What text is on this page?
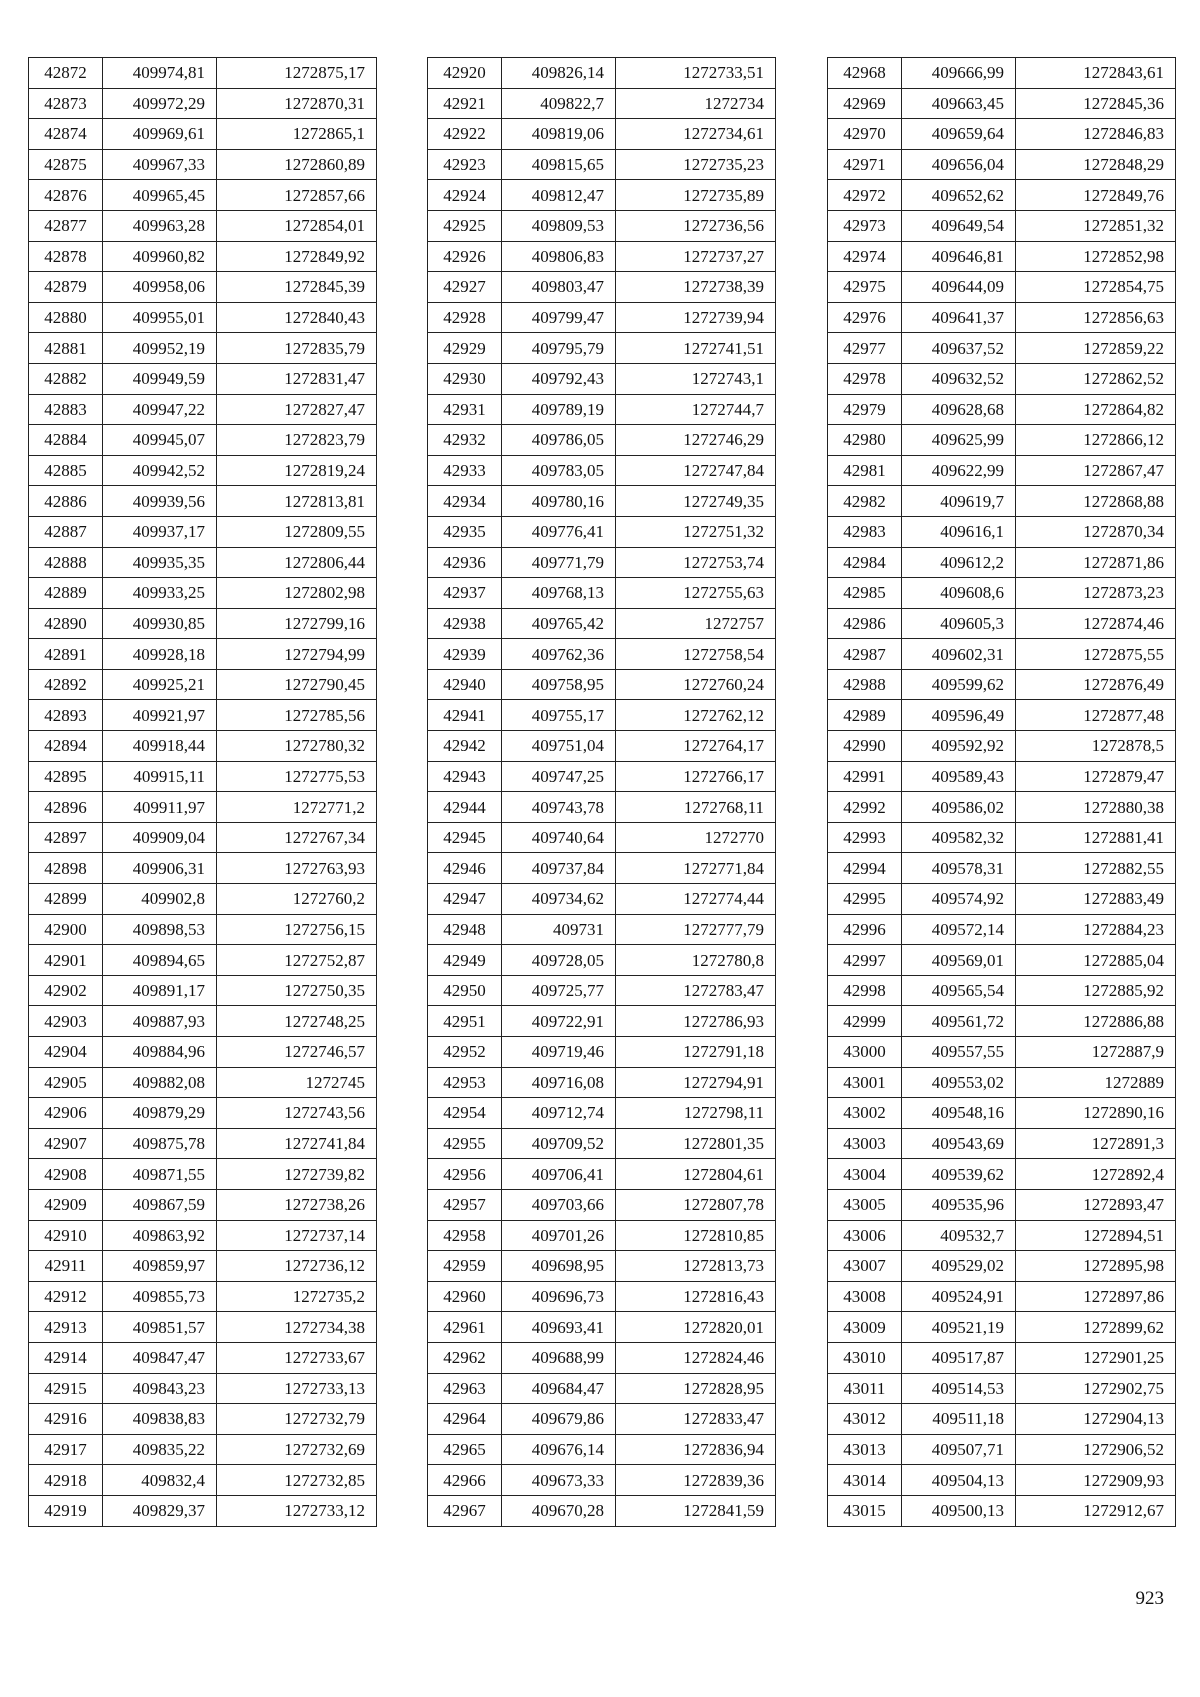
42872	409974,81	1272875,17
42873	409972,29	1272870,31
42874	409969,61	1272865,1
42875	409967,33	1272860,89
42876	409965,45	1272857,66
42877	409963,28	1272854,01
42878	409960,82	1272849,92
42879	409958,06	1272845,39
42880	409955,01	1272840,43
42881	409952,19	1272835,79
42882	409949,59	1272831,47
42883	409947,22	1272827,47
42884	409945,07	1272823,79
42885	409942,52	1272819,24
42886	409939,56	1272813,81
42887	409937,17	1272809,55
42888	409935,35	1272806,44
42889	409933,25	1272802,98
42890	409930,85	1272799,16
42891	409928,18	1272794,99
42892	409925,21	1272790,45
42893	409921,97	1272785,56
42894	409918,44	1272780,32
42895	409915,11	1272775,53
42896	409911,97	1272771,2
42897	409909,04	1272767,34
42898	409906,31	1272763,93
42899	409902,8	1272760,2
42900	409898,53	1272756,15
42901	409894,65	1272752,87
42902	409891,17	1272750,35
42903	409887,93	1272748,25
42904	409884,96	1272746,57
42905	409882,08	1272745
42906	409879,29	1272743,56
42907	409875,78	1272741,84
42908	409871,55	1272739,82
42909	409867,59	1272738,26
42910	409863,92	1272737,14
42911	409859,97	1272736,12
42912	409855,73	1272735,2
42913	409851,57	1272734,38
42914	409847,47	1272733,67
42915	409843,23	1272733,13
42916	409838,83	1272732,79
42917	409835,22	1272732,69
42918	409832,4	1272732,85
42919	409829,37	1272733,12
42920	409826,14	1272733,51
42921	409822,7	1272734
42922	409819,06	1272734,61
42923	409815,65	1272735,23
42924	409812,47	1272735,89
42925	409809,53	1272736,56
42926	409806,83	1272737,27
42927	409803,47	1272738,39
42928	409799,47	1272739,94
42929	409795,79	1272741,51
42930	409792,43	1272743,1
42931	409789,19	1272744,7
42932	409786,05	1272746,29
42933	409783,05	1272747,84
42934	409780,16	1272749,35
42935	409776,41	1272751,32
42936	409771,79	1272753,74
42937	409768,13	1272755,63
42938	409765,42	1272757
42939	409762,36	1272758,54
42940	409758,95	1272760,24
42941	409755,17	1272762,12
42942	409751,04	1272764,17
42943	409747,25	1272766,17
42944	409743,78	1272768,11
42945	409740,64	1272770
42946	409737,84	1272771,84
42947	409734,62	1272774,44
42948	409731	1272777,79
42949	409728,05	1272780,8
42950	409725,77	1272783,47
42951	409722,91	1272786,93
42952	409719,46	1272791,18
42953	409716,08	1272794,91
42954	409712,74	1272798,11
42955	409709,52	1272801,35
42956	409706,41	1272804,61
42957	409703,66	1272807,78
42958	409701,26	1272810,85
42959	409698,95	1272813,73
42960	409696,73	1272816,43
42961	409693,41	1272820,01
42962	409688,99	1272824,46
42963	409684,47	1272828,95
42964	409679,86	1272833,47
42965	409676,14	1272836,94
42966	409673,33	1272839,36
42967	409670,28	1272841,59
42968	409666,99	1272843,61
42969	409663,45	1272845,36
42970	409659,64	1272846,83
42971	409656,04	1272848,29
42972	409652,62	1272849,76
42973	409649,54	1272851,32
42974	409646,81	1272852,98
42975	409644,09	1272854,75
42976	409641,37	1272856,63
42977	409637,52	1272859,22
42978	409632,52	1272862,52
42979	409628,68	1272864,82
42980	409625,99	1272866,12
42981	409622,99	1272867,47
42982	409619,7	1272868,88
42983	409616,1	1272870,34
42984	409612,2	1272871,86
42985	409608,6	1272873,23
42986	409605,3	1272874,46
42987	409602,31	1272875,55
42988	409599,62	1272876,49
42989	409596,49	1272877,48
42990	409592,92	1272878,5
42991	409589,43	1272879,47
42992	409586,02	1272880,38
42993	409582,32	1272881,41
42994	409578,31	1272882,55
42995	409574,92	1272883,49
42996	409572,14	1272884,23
42997	409569,01	1272885,04
42998	409565,54	1272885,92
42999	409561,72	1272886,88
43000	409557,55	1272887,9
43001	409553,02	1272889
43002	409548,16	1272890,16
43003	409543,69	1272891,3
43004	409539,62	1272892,4
43005	409535,96	1272893,47
43006	409532,7	1272894,51
43007	409529,02	1272895,98
43008	409524,91	1272897,86
43009	409521,19	1272899,62
43010	409517,87	1272901,25
43011	409514,53	1272902,75
43012	409511,18	1272904,13
43013	409507,71	1272906,52
43014	409504,13	1272909,93
43015	409500,13	1272912,67
923
